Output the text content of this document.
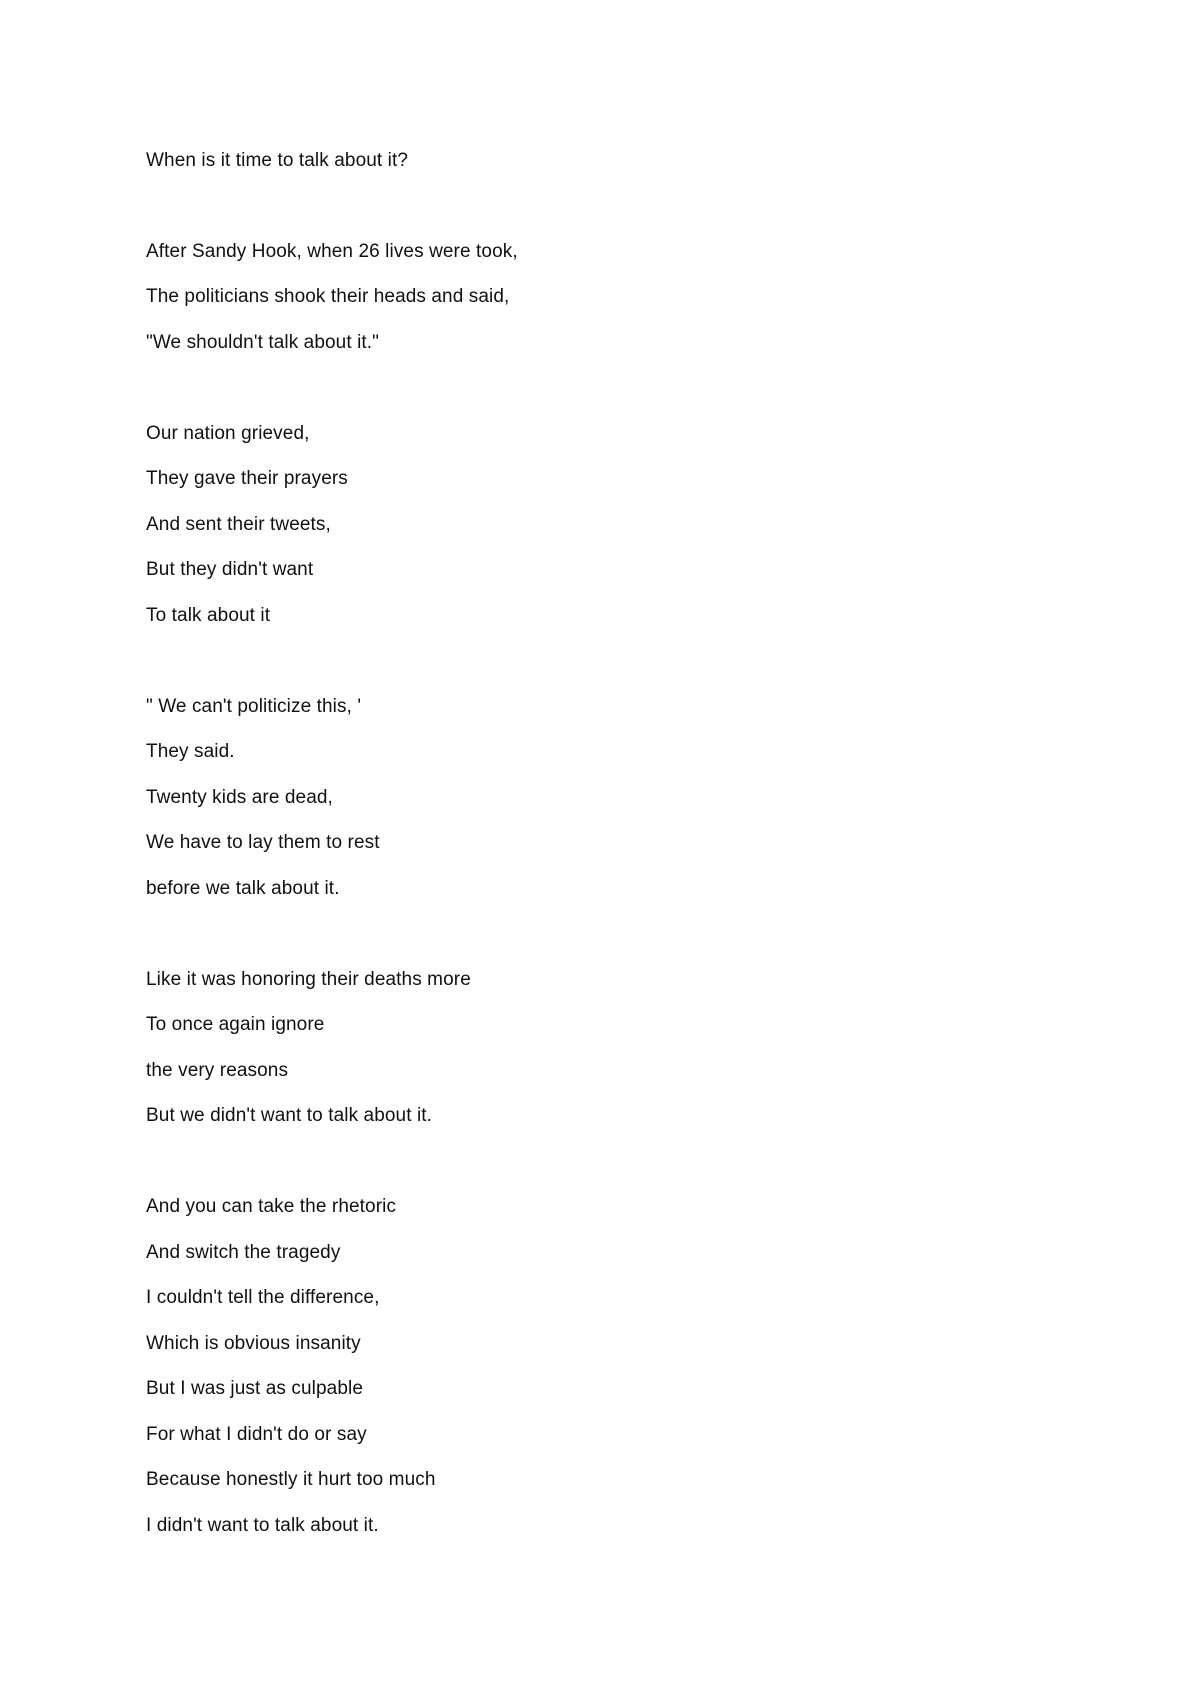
When is it time to talk about it?
After Sandy Hook, when 26 lives were took,
The politicians shook their heads and said,
"We shouldn't talk about it."
Our nation grieved,
They gave their prayers
And sent their tweets,
But they didn't want
To talk about it
" We can't politicize this, '
They said.
Twenty kids are dead,
We have to lay them to rest
before we talk about it.
Like it was honoring their deaths more
To once again ignore
the very reasons
But we didn't want to talk about it.
And you can take the rhetoric
And switch the tragedy
I couldn't tell the difference,
Which is obvious insanity
But I was just as culpable
For what I didn't do or say
Because honestly it hurt too much
I didn't want to talk about it.
